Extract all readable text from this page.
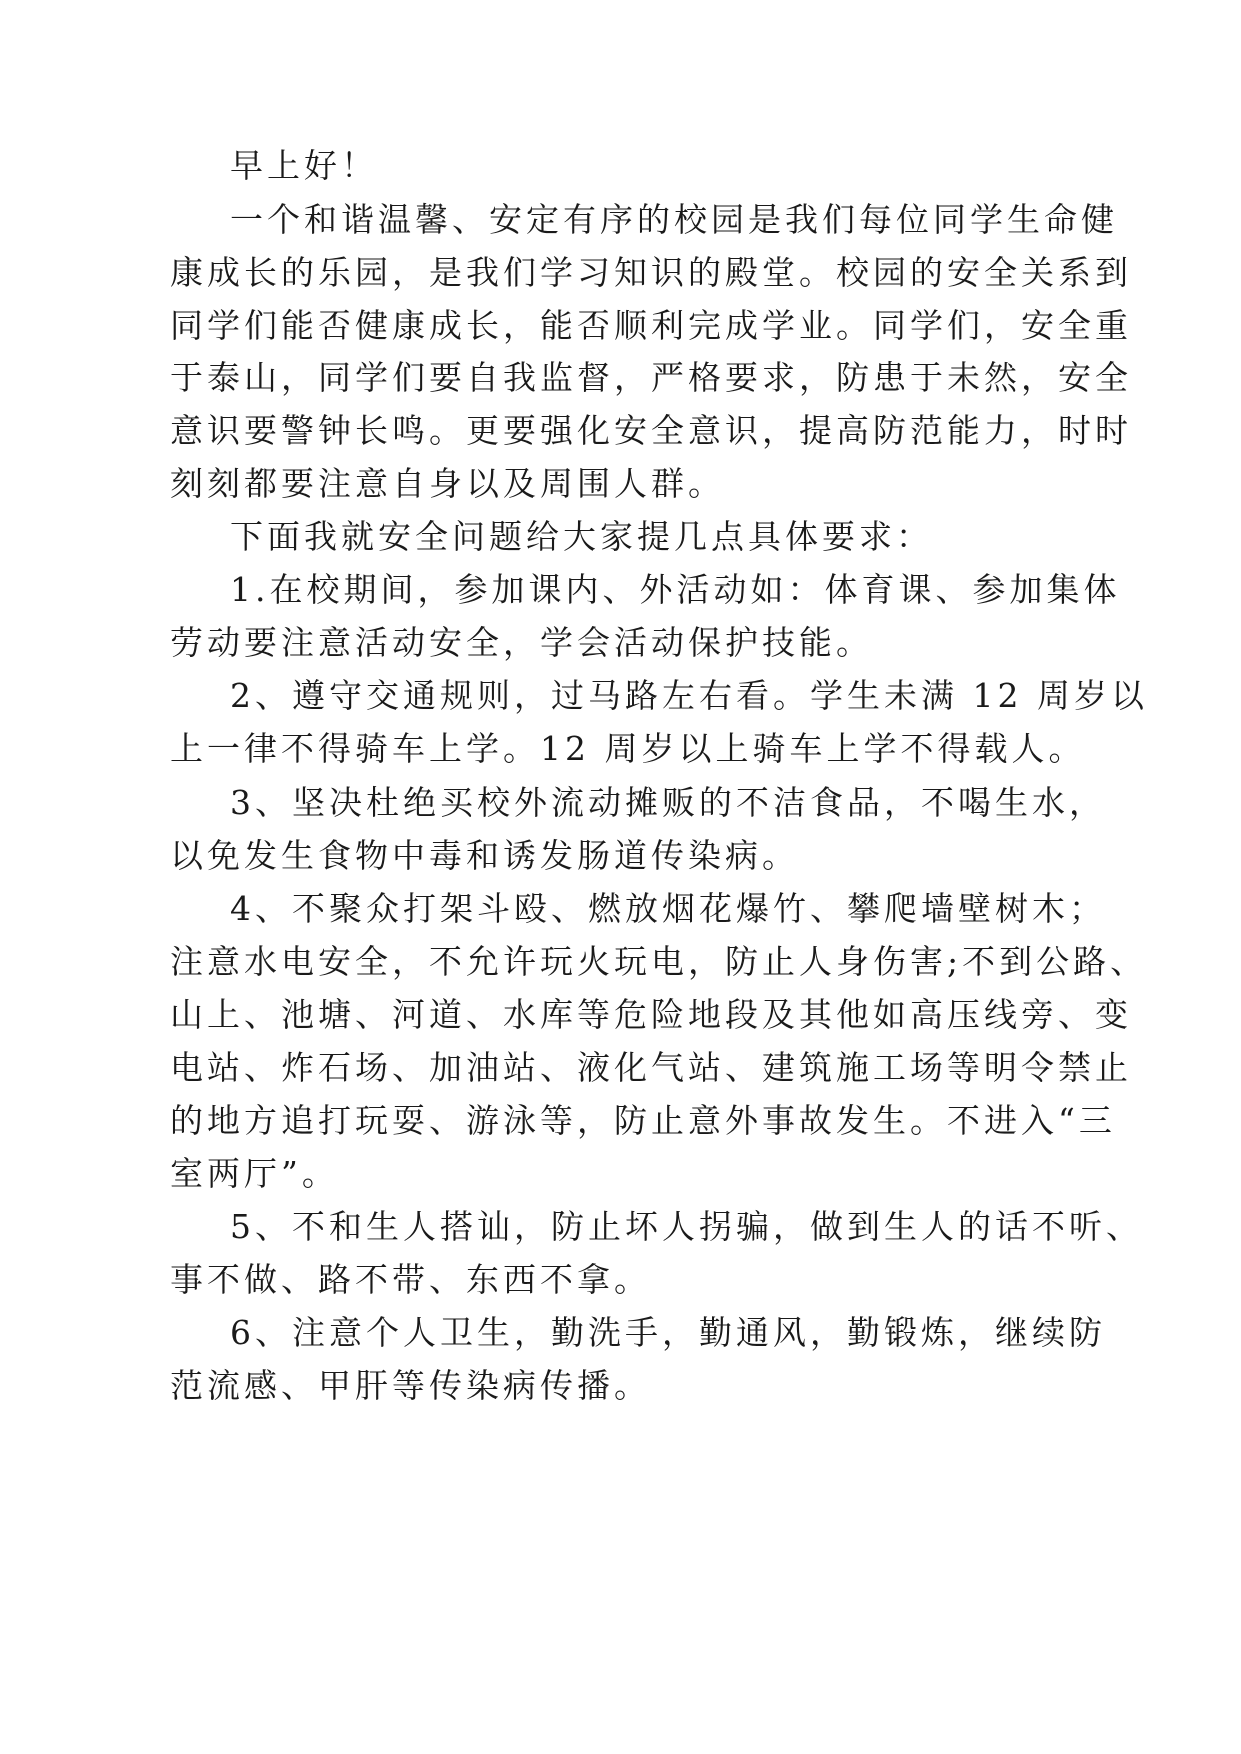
早上好！
一个和谐温馨、安定有序的校园是我们每位同学生命健
康成长的乐园，是我们学习知识的殿堂。校园的安全关系到
同学们能否健康成长，能否顺利完成学业。同学们，安全重
于泰山，同学们要自我监督，严格要求，防患于未然，安全
意识要警钟长鸣。更要强化安全意识，提高防范能力，时时
刻刻都要注意自身以及周围人群。
下面我就安全问题给大家提几点具体要求：
1.在校期间，参加课内、外活动如：体育课、参加集体
劳动要注意活动安全，学会活动保护技能。
2、遵守交通规则，过马路左右看。学生未满 12 周岁以
上一律不得骑车上学。12 周岁以上骑车上学不得载人。
3、坚决杜绝买校外流动摊贩的不洁食品，不喝生水，
以免发生食物中毒和诱发肠道传染病。
4、不聚众打架斗殴、燃放烟花爆竹、攀爬墙壁树木；
注意水电安全，不允许玩火玩电，防止人身伤害;不到公路、
山上、池塘、河道、水库等危险地段及其他如高压线旁、变
电站、炸石场、加油站、液化气站、建筑施工场等明令禁止
的地方追打玩耍、游泳等，防止意外事故发生。不进入“三
室两厅”。
5、不和生人搭讪，防止坏人拐骗，做到生人的话不听、
事不做、路不带、东西不拿。
6、注意个人卫生，勤洗手，勤通风，勤锻炼，继续防
范流感、甲肝等传染病传播。
